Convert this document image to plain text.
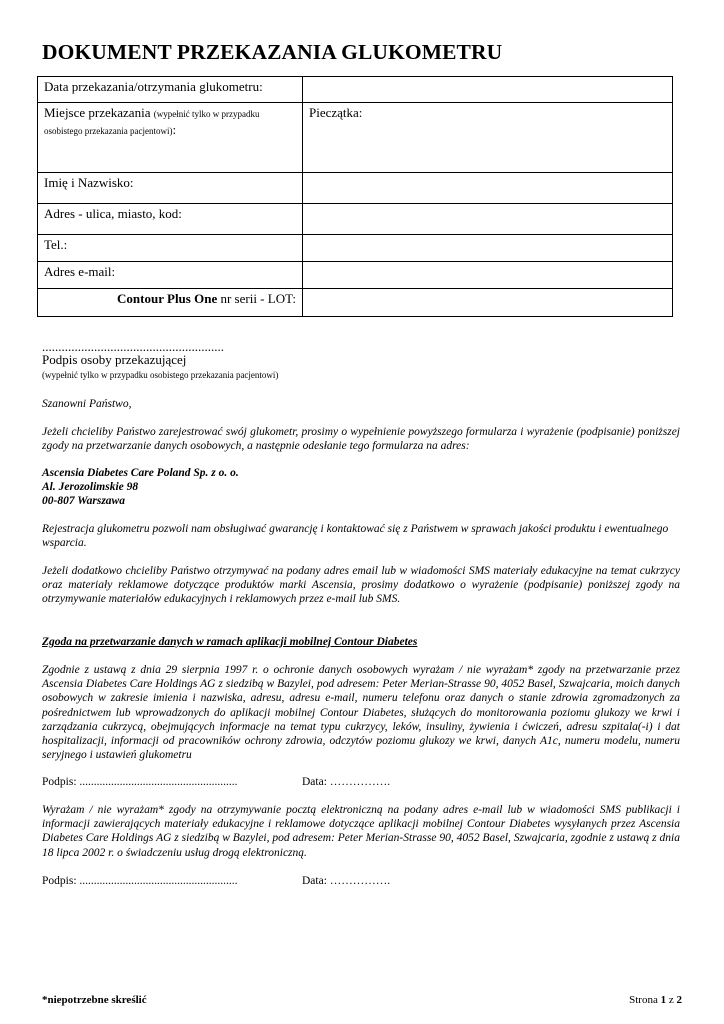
DOKUMENT PRZEKAZANIA GLUKOMETRU
Data przekazania/otrzymania glukometru:	
Miejsce przekazania (wypełnić tylko w przypadku osobistego przekazania pacjentowi):	Pieczątka:
Imię i Nazwisko:	
Adres - ulica, miasto, kod:	
Tel.:	
Adres e-mail:	
Contour Plus One nr serii - LOT:	
........................................................
Podpis osoby przekazującej
(wypełnić tylko w przypadku osobistego przekazania pacjentowi)

Szanowni Państwo,

Jeżeli chcieliby Państwo zarejestrować swój glukometr, prosimy o wypełnienie powyższego formularza i wyrażenie (podpisanie) poniższej zgody na przetwarzanie danych osobowych, a następnie odesłanie tego formularza na adres:

Ascensia Diabetes Care Poland Sp. z o. o.

Al. Jerozolimskie 98

00-807 Warszawa

Rejestracja glukometru pozwoli nam obsługiwać gwarancję i kontaktować się z Państwem w sprawach jakości produktu i ewentualnego wsparcia.

Jeżeli dodatkowo chcieliby Państwo otrzymywać na podany adres email lub w wiadomości SMS materiały edukacyjne na temat cukrzycy oraz materiały reklamowe dotyczące produktów marki Ascensia, prosimy dodatkowo o wyrażenie (podpisanie) poniższej zgody na otrzymywanie materiałów edukacyjnych i reklamowych przez e-mail lub SMS.

Zgoda na przetwarzanie danych w ramach aplikacji mobilnej Contour Diabetes

Zgodnie z ustawą z dnia 29 sierpnia 1997 r. o ochronie danych osobowych wyrażam / nie wyrażam* zgody na przetwarzanie przez Ascensia Diabetes Care Holdings AG z siedzibą w Bazylei, pod adresem: Peter Merian-Strasse 90, 4052 Basel, Szwajcaria, moich danych osobowych w zakresie imienia i nazwiska, adresu, adresu e-mail, numeru telefonu oraz danych o stanie zdrowia zgromadzonych za pośrednictwem lub wprowadzonych do aplikacji mobilnej Contour Diabetes, służących do monitorowania poziomu glukozy we krwi i zarządzania cukrzycą, obejmujących informacje na temat typu cukrzycy, leków, insuliny, żywienia i ćwiczeń, adresu szpitala(-i) i dat hospitalizacji, informacji od pracowników ochrony zdrowia, odczytów poziomu glukozy we krwi, danych A1c, numeru modelu, numeru seryjnego i ustawień glukometru

Podpis: .......................................................	Data: …………….

Wyrażam / nie wyrażam* zgody na otrzymywanie pocztą elektroniczną na podany adres e-mail lub w wiadomości SMS publikacji i informacji zawierających materiały edukacyjne i reklamowe dotyczące aplikacji mobilnej Contour Diabetes wysyłanych przez Ascensia Diabetes Care Holdings AG z siedzibą w Bazylei, pod adresem: Peter Merian-Strasse 90, 4052 Basel, Szwajcaria, zgodnie z ustawą z dnia 18 lipca 2002 r. o świadczeniu usług drogą elektroniczną.

Podpis: .......................................................	Data: …………….
*niepotrzebne skreślić	Strona 1 z 2
